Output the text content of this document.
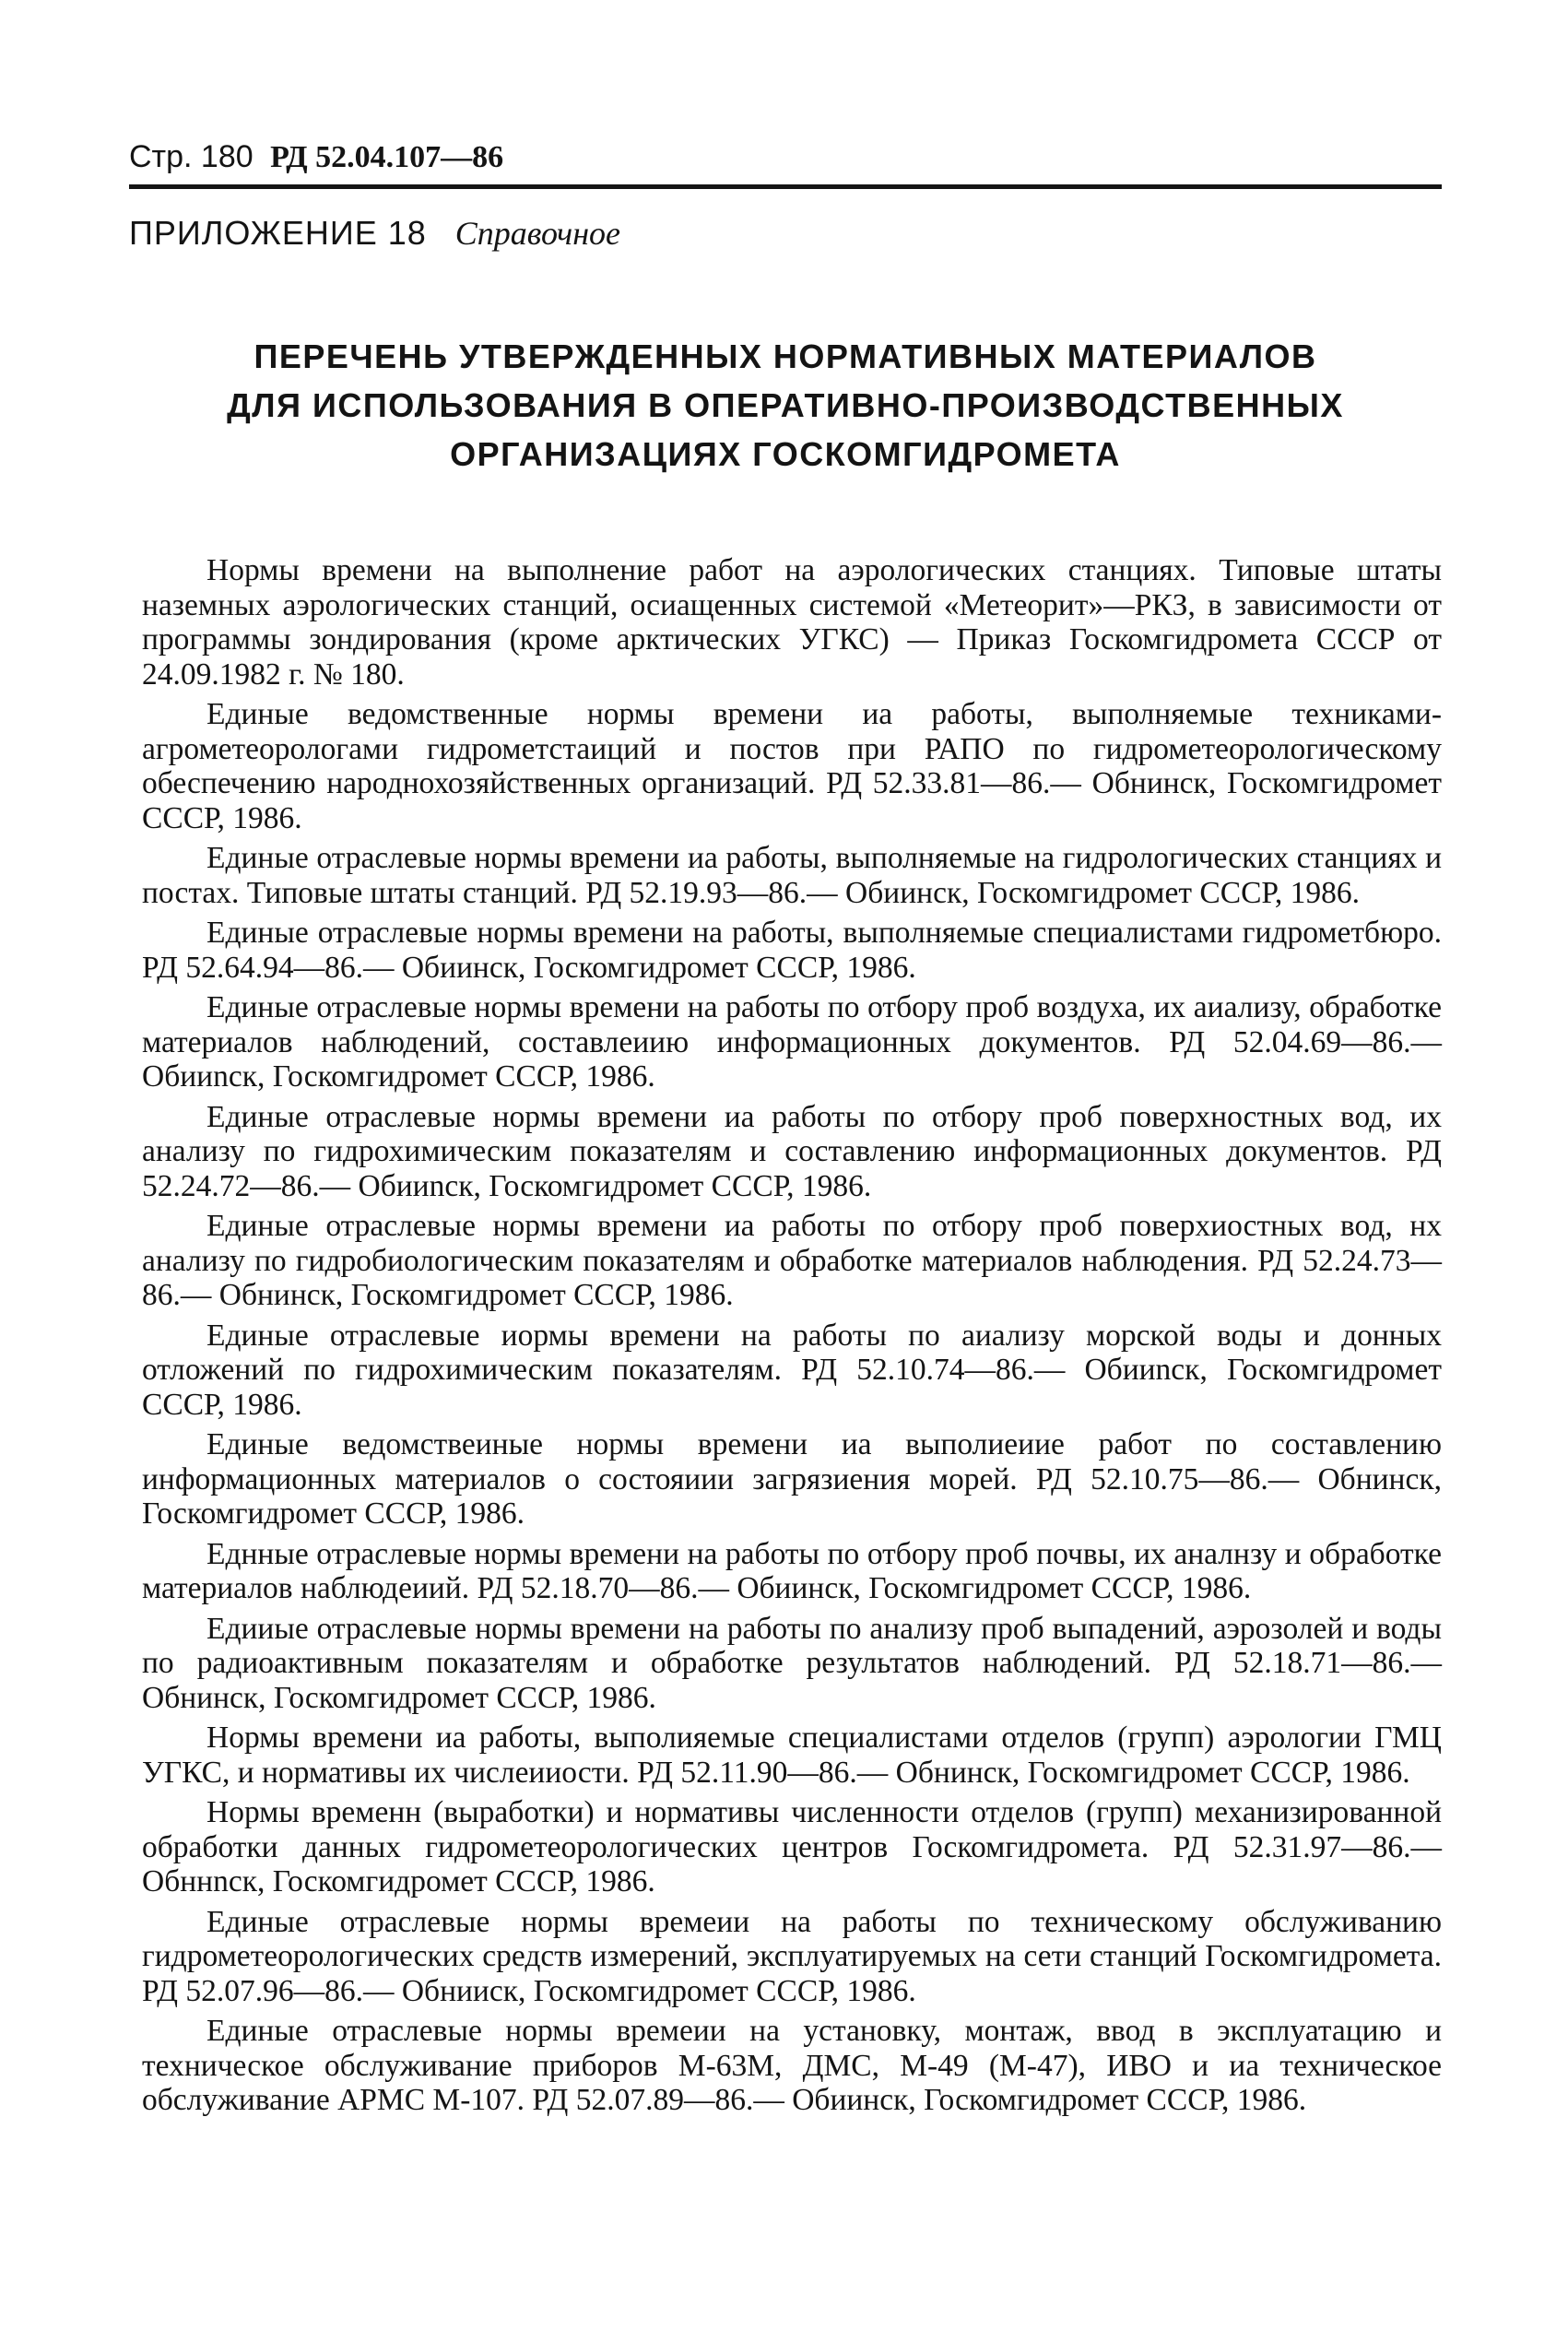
Стр. 180 РД 52.04.107—86
ПРИЛОЖЕНИЕ 18 Справочное
ПЕРЕЧЕНЬ УТВЕРЖДЕННЫХ НОРМАТИВНЫХ МАТЕРИАЛОВ
ДЛЯ ИСПОЛЬЗОВАНИЯ В ОПЕРАТИВНО-ПРОИЗВОДСТВЕННЫХ
ОРГАНИЗАЦИЯХ ГОСКОМГИДРОМЕТА

Нормы времени на выполнение работ на аэрологических станциях. Типовые штаты наземных аэрологических станций, осиащенных системой «Метеорит»—РКЗ, в зависимости от программы зондирования (кроме арктических УГКС) — Приказ Госкомгидромета СССР от 24.09.1982 г. № 180.

Единые ведомственные нормы времени иа работы, выполняемые техниками-агрометеорологами гидрометстаиций и постов при РАПО по гидрометеорологическому обеспечению народнохозяйственных организаций. РД 52.33.81—86.— Обнинск, Госкомгидромет СССР, 1986.

Единые отраслевые нормы времени иа работы, выполняемые на гидрологических станциях и постах. Типовые штаты станций. РД 52.19.93—86.— Обиинск, Госкомгидромет СССР, 1986.

Единые отраслевые нормы времени на работы, выполняемые специалистами гидрометбюро. РД 52.64.94—86.— Обиинск, Госкомгидромет СССР, 1986.

Единые отраслевые нормы времени на работы по отбору проб воздуха, их аиализу, обработке материалов наблюдений, составлеиию информационных документов. РД 52.04.69—86.— Обииnск, Госкомгидромет СССР, 1986.

Единые отраслевые нормы времени иа работы по отбору проб поверхностных вод, их анализу по гидрохимическим показателям и составлению информационных документов. РД 52.24.72—86.— Обииnск, Госкомгидромет СССР, 1986.

Единые отраслевые нормы времени иа работы по отбору проб поверхиостных вод, нх анализу по гидробиологическим показателям и обработке материалов наблюдения. РД 52.24.73—86.— Обнинск, Госкомгидромет СССР, 1986.

Единые отраслевые иормы времени на работы по аиализу морской воды и донных отложений по гидрохимическим показателям. РД 52.10.74—86.— Обииnск, Госкомгидромет СССР, 1986.

Единые ведомствеиные нормы времени иа выполиеиие работ по составлению информационных материалов о состояиии загрязиения морей. РД 52.10.75—86.— Обнинск, Госкомгидромет СССР, 1986.

Еднные отраслевые нормы времени на работы по отбору проб почвы, их аналнзу и обработке материалов наблюдеиий. РД 52.18.70—86.— Обиинск, Госкомгидромет СССР, 1986.

Едииые отраслевые нормы времени на работы по анализу проб выпадений, аэрозолей и воды по радиоактивным показателям и обработке результатов наблюдений. РД 52.18.71—86.— Обнинск, Госкомгидромет СССР, 1986.

Нормы времени иа работы, выполияемые специалистами отделов (групп) аэрологии ГМЦ УГКС, и нормативы их числеииости. РД 52.11.90—86.— Обнинск, Госкомгидромет СССР, 1986.

Нормы временн (выработки) и нормативы численности отделов (групп) механизированной обработки данных гидрометеорологических центров Госкомгидромета. РД 52.31.97—86.— Обннnск, Госкомгидромет СССР, 1986.

Единые отраслевые нормы времеии на работы по техническому обслуживанию гидрометеорологических средств измерений, эксплуатируемых на сети станций Госкомгидромета. РД 52.07.96—86.— Обнииск, Госкомгидромет СССР, 1986.

Единые отраслевые нормы времеии на установку, монтаж, ввод в эксплуатацию и техническое обслуживание приборов М-63М, ДМС, М-49 (М-47), ИВО и иа техническое обслуживание АРМС М-107. РД 52.07.89—86.— Обиинск, Госкомгидромет СССР, 1986.
